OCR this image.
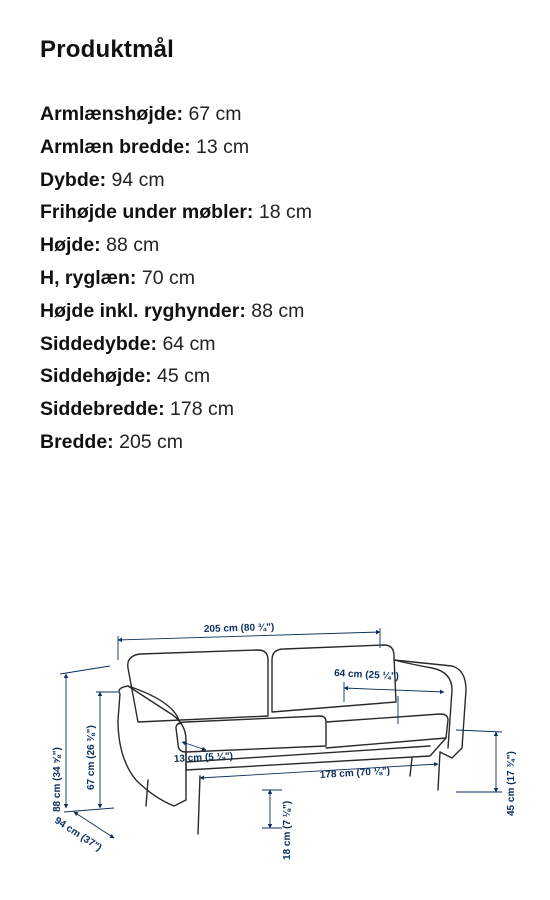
Produktmål
Armlænshøjde: 67 cm
Armlæn bredde: 13 cm
Dybde: 94 cm
Frihøjde under møbler: 18 cm
Højde: 88 cm
H, ryglæn: 70 cm
Højde inkl. ryghynder: 88 cm
Siddedybde: 64 cm
Siddehøjde: 45 cm
Siddebredde: 178 cm
Bredde: 205 cm
205 cm (80 ¾")
64 cm (25 ¼")
88 cm (34 ⅝") 67 cm (26 ⅜")	13 cm (5 ⅛")
178 cm (70 ⅛")	45 cm (17 ¾")
94 cm (37")	18 cm (7 ⅛")
